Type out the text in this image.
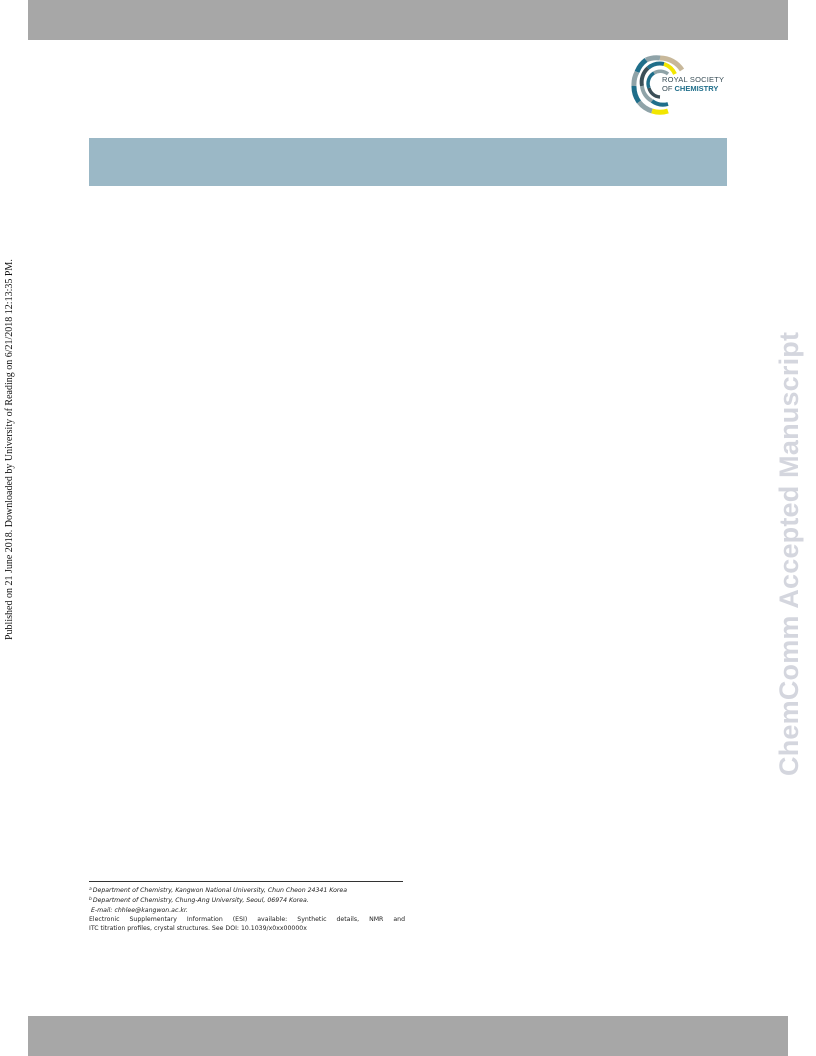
ROYAL SOCIETY
OF CHEMISTRY
Published on 21 June 2018. Downloaded by University of Reading on 6/21/2018 12:13:35 PM.	ChemComm Accepted Manuscript
$^a$Department of Chemistry, Kangwon National University, Chun Cheon 24341 Korea
$^b$Department of Chemistry, Chung-Ang University, Seoul, 06974 Korea.
E-mail: chhlee@kangwon.ac.kr.
Electronic Supplementary Information (ESI) available: Synthetic details, NMR and
ITC titration profiles, crystal structures. See DOI: 10.1039/x0xx00000x
